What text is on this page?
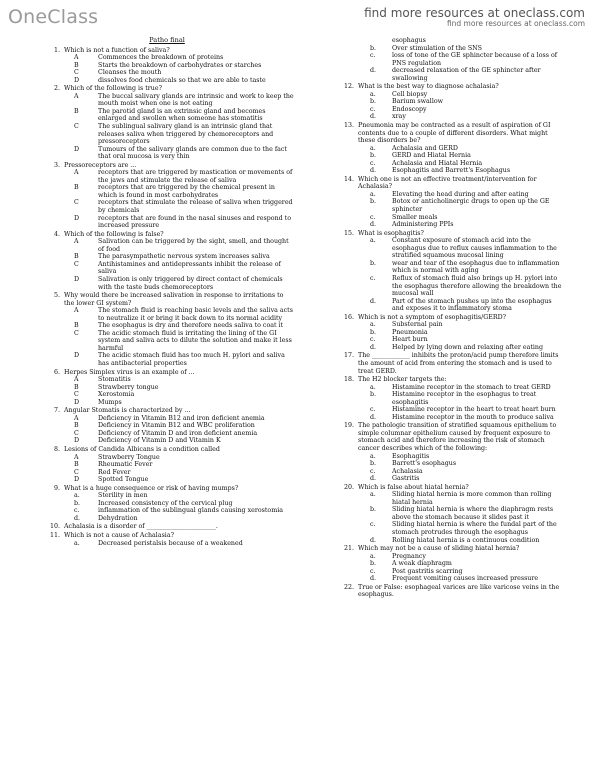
OneClass	find more resources at oneclass.com
find more resources at oneclass.com
Patho final
1. Which is not a function of saliva?
A	Commences the breakdown of proteins
B	Starts the breakdown of carbohydrates or starches
C	Cleanses the mouth
D	dissolves food chemicals so that we are able to taste
2. Which of the following is true?
A	The buccal salivary glands are intrinsic and work to keep the mouth moist when one is not eating
B	The parotid gland is an extrinsic gland and becomes enlarged and swollen when someone has stomatitis
C	The sublingual salivary gland is an intrinsic gland that releases saliva when triggered by chemoreceptors and pressoreceptors
D	Tumours of the salivary glands are common due to the fact that oral mucosa is very thin
3. Pressoreceptors are ...
A	receptors that are triggered by mastication or movements of the jaws and stimulate the release of saliva
B	receptors that are triggered by the chemical present in which is found in most carbohydrates
C	receptors that stimulate the release of saliva when triggered by chemicals
D	receptors that are found in the nasal sinuses and respond to increased pressure
4. Which of the following is false?
A	Salivation can be triggered by the sight, smell, and thought of food
B	The parasympathetic nervous system increases saliva
C	Antihistamines and antidepressants inhibit the release of saliva
D	Salivation is only triggered by direct contact of chemicals with the taste buds chemoreceptors
5. Why would there be increased salivation in response to irritations to the lower GI system?
A	The stomach fluid is reaching basic levels and the saliva acts to neutralize it or bring it back down to its normal acidity
B	The esophagus is dry and therefore needs saliva to coat it
C	The acidic stomach fluid is irritating the lining of the GI system and saliva acts to dilute the solution and make it less harmful
D	The acidic stomach fluid has too much H. pylori and saliva has antibacterial properties
6. Herpes Simplex virus is an example of ...
A	Stomatitis
B	Strawberry tongue
C	Xerostomia
D	Mumps
7. Angular Stomatis is characterized by ...
A	Deficiency in Vitamin B12 and iron deficient anemia
B	Deficiency in Vitamin B12 and WBC proliferation
C	Deficiency of Vitamin D and iron deficient anemia
D	Deficiency of Vitamin D and Vitamin K
8. Lesions of Candida Albicans is a condition called
A	Strawberry Tongue
B	Rheumatic Fever
C	Red Fever
D	Spotted Tongue
9. What is a huge consequence or risk of having mumps?
a.	Sterility in men
b.	Increased consistency of the cervical plug
c.	inflammation of the sublingual glands causing xerostomia
d.	Dehydration
10. Achalasia is a disorder of ______________________.
11. Which is not a cause of Achalasia?
a.	Decreased peristalsis because of a weakened
esophagus
b.	Over stimulation of the SNS
c.	loss of tone of the GE sphincter because of a loss of PNS regulation
d.	decreased relaxation of the GE sphincter after swallowing
12. What is the best way to diagnose achalasia?
a.	Cell biopsy
b.	Barium swallow
c.	Endoscopy
d.	xray
13. Pneumonia may be contracted as a result of aspiration of GI contents due to a couple of different disorders. What might these disorders be?
a.	Achalasia and GERD
b.	GERD and Hiatal Hernia
c.	Achalasia and Hiatal Hernia
d.	Esophagitis and Barrett's Esophagus
14. Which one is not an effective treatment/intervention for Achalasia?
a.	Elevating the head during and after eating
b.	Botox or anticholinergic drugs to open up the GE sphincter
c.	Smaller meals
d.	Administering PPIs
15. What is esophagitis?
a.	Constant exposure of stomach acid into the esophagus due to reflux causes inflammation to the stratified squamous mucosal lining
b.	wear and tear of the esophagus due to inflammation which is normal with aging
c.	Reflux of stomach fluid also brings up H. pylori into the esophagus therefore allowing the breakdown the mucosal wall
d.	Part of the stomach pushes up into the esophagus and exposes it to inflammatory stoma
16. Which is not a symptom of esophagitis/GERD?
a.	Substernal pain
b.	Pneumonia
c.	Heart burn
d.	Helped by lying down and relaxing after eating
17. The ____________ inhibits the proton/acid pump therefore limits the amount of acid from entering the stomach and is used to treat GERD.
18. The H2 blocker targets the:
a.	Histamine receptor in the stomach to treat GERD
b.	Histamine receptor in the esophagus to treat esophagitis
c.	Histamine receptor in the heart to treat heart burn
d.	Histamine receptor in the mouth to produce saliva
19. The pathologic transition of stratified squamous epithelium to simple columnar epithelium caused by frequent exposure to stomach acid and therefore increasing the risk of stomach cancer describes which of the following:
a.	Esophagitis
b.	Barrett's esophagus
c.	Achalasia
d.	Gastritis
20. Which is false about hiatal hernia?
a.	Sliding hiatal hernia is more common than rolling hiatal hernia
b.	Sliding hiatal hernia is where the diaphragm rests above the stomach because it slides past it
c.	Sliding hiatal hernia is where the fundal part of the stomach protrudes through the esophagus
d.	Rolling hiatal hernia is a continuous condition
21. Which may not be a cause of sliding hiatal hernia?
a.	Pregnancy
b.	A weak diaphragm
c.	Post gastritis scarring
d.	Frequent vomiting causes increased pressure
22. True or False: esophageal varices are like varicose veins in the esophagus.
